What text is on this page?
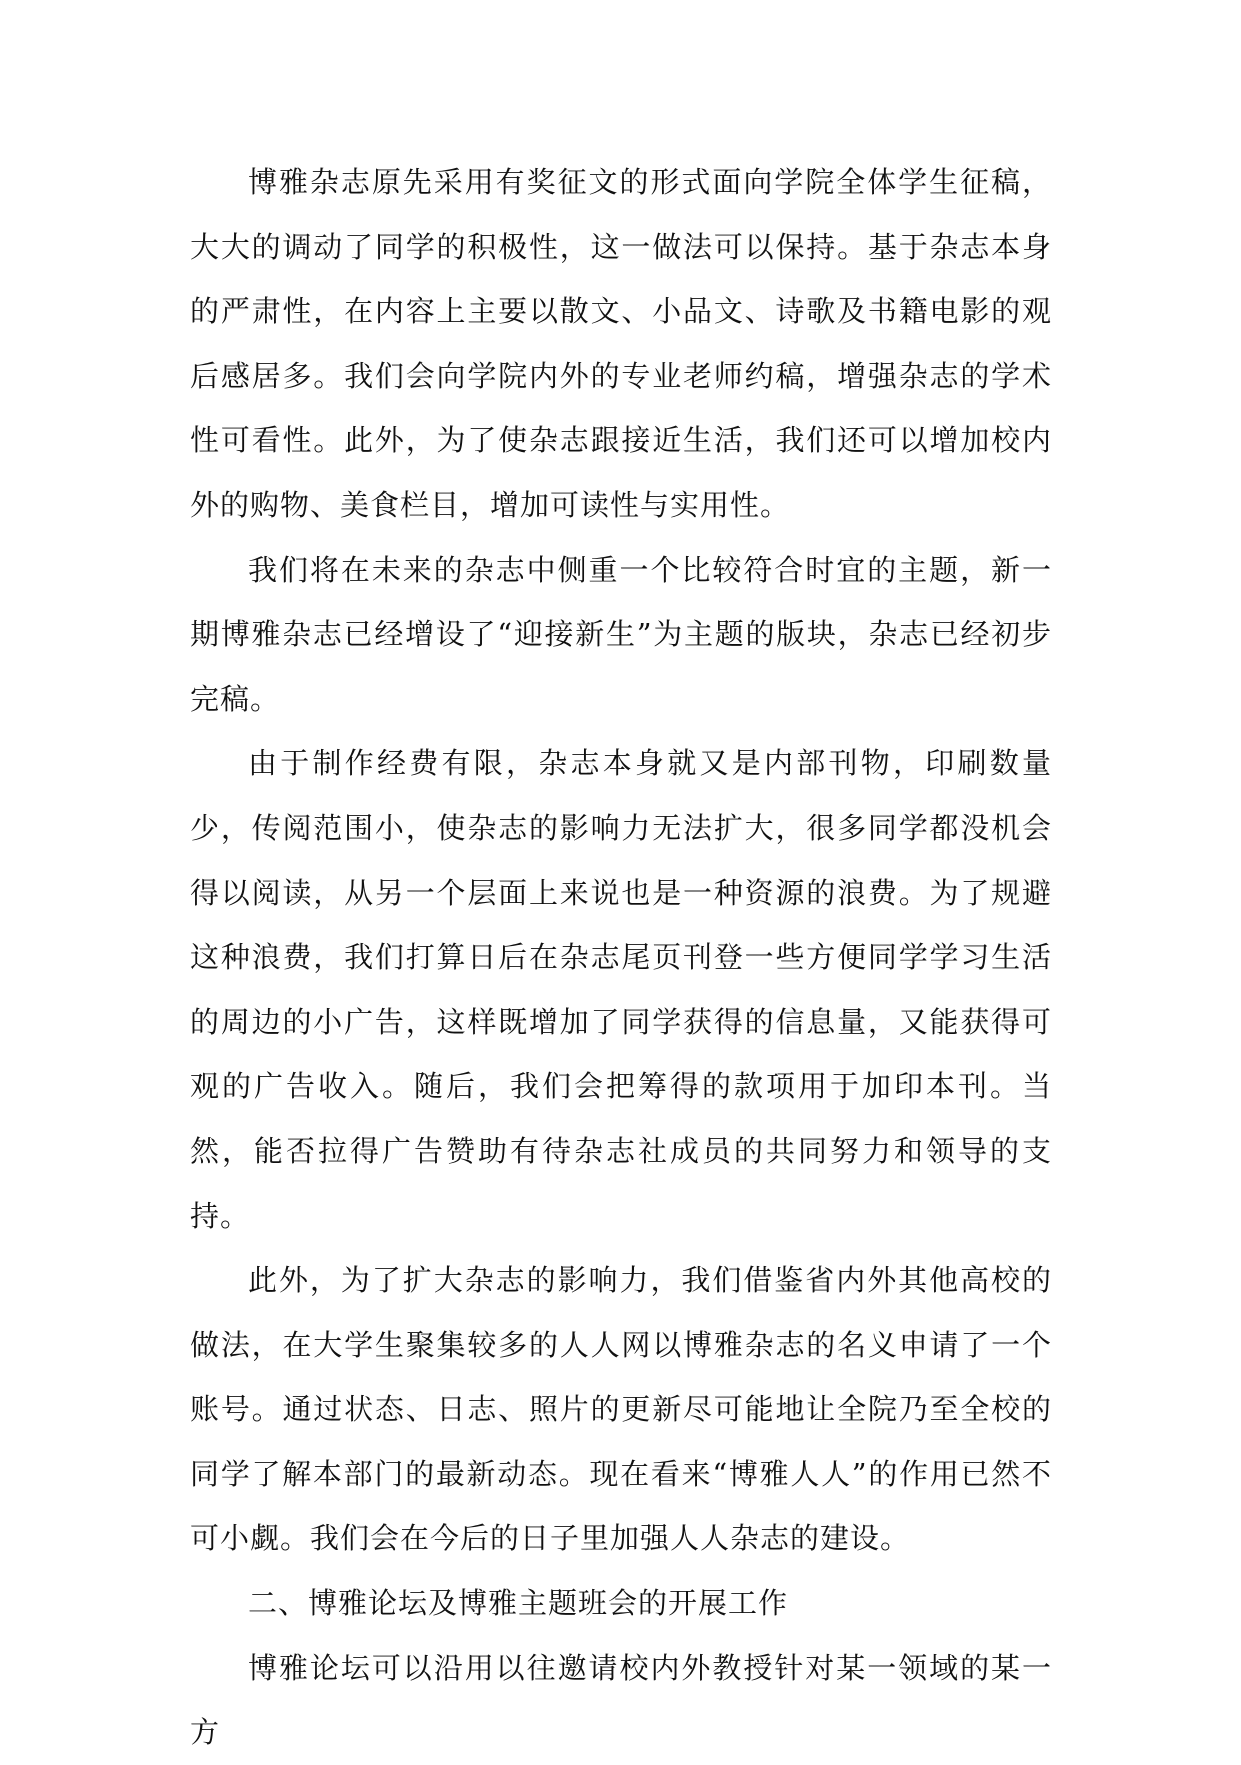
博雅杂志原先采用有奖征文的形式面向学院全体学生征稿，大大的调动了同学的积极性，这一做法可以保持。基于杂志本身的严肃性，在内容上主要以散文、小品文、诗歌及书籍电影的观后感居多。我们会向学院内外的专业老师约稿，增强杂志的学术性可看性。此外，为了使杂志跟接近生活，我们还可以增加校内外的购物、美食栏目，增加可读性与实用性。

我们将在未来的杂志中侧重一个比较符合时宜的主题，新一期博雅杂志已经增设了“迎接新生”为主题的版块，杂志已经初步完稿。

由于制作经费有限，杂志本身就又是内部刊物，印刷数量少，传阅范围小，使杂志的影响力无法扩大，很多同学都没机会得以阅读，从另一个层面上来说也是一种资源的浪费。为了规避这种浪费，我们打算日后在杂志尾页刊登一些方便同学学习生活的周边的小广告，这样既增加了同学获得的信息量，又能获得可观的广告收入。随后，我们会把筹得的款项用于加印本刊。当然，能否拉得广告赞助有待杂志社成员的共同努力和领导的支持。

此外，为了扩大杂志的影响力，我们借鉴省内外其他高校的做法，在大学生聚集较多的人人网以博雅杂志的名义申请了一个账号。通过状态、日志、照片的更新尽可能地让全院乃至全校的同学了解本部门的最新动态。现在看来“博雅人人”的作用已然不可小觑。我们会在今后的日子里加强人人杂志的建设。

二、博雅论坛及博雅主题班会的开展工作

博雅论坛可以沿用以往邀请校内外教授针对某一领域的某一方
